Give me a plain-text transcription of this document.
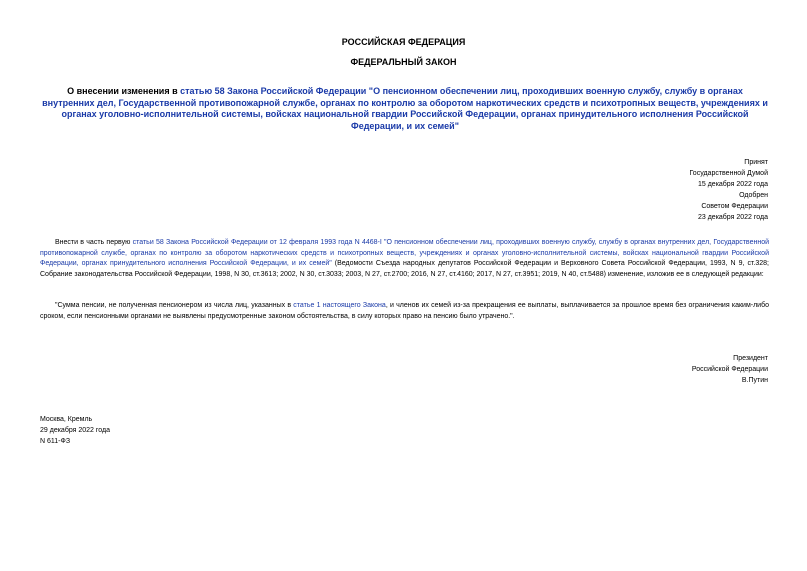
РОССИЙСКАЯ ФЕДЕРАЦИЯ
ФЕДЕРАЛЬНЫЙ ЗАКОН
О внесении изменения в статью 58 Закона Российской Федерации "О пенсионном обеспечении лиц, проходивших военную службу, службу в органах внутренних дел, Государственной противопожарной службе, органах по контролю за оборотом наркотических средств и психотропных веществ, учреждениях и органах уголовно-исполнительной системы, войсках национальной гвардии Российской Федерации, органах принудительного исполнения Российской Федерации, и их семей"
Принят
Государственной Думой
15 декабря 2022 года
Одобрен
Советом Федерации
23 декабря 2022 года
Внести в часть первую статьи 58 Закона Российской Федерации от 12 февраля 1993 года N 4468-I "О пенсионном обеспечении лиц, проходивших военную службу, службу в органах внутренних дел, Государственной противопожарной службе, органах по контролю за оборотом наркотических средств и психотропных веществ, учреждениях и органах уголовно-исполнительной системы, войсках национальной гвардии Российской Федерации, органах принудительного исполнения Российской Федерации, и их семей" (Ведомости Съезда народных депутатов Российской Федерации и Верховного Совета Российской Федерации, 1993, N 9, ст.328; Собрание законодательства Российской Федерации, 1998, N 30, ст.3613; 2002, N 30, ст.3033; 2003, N 27, ст.2700; 2016, N 27, ст.4160; 2017, N 27, ст.3951; 2019, N 40, ст.5488) изменение, изложив ее в следующей редакции:
"Сумма пенсии, не полученная пенсионером из числа лиц, указанных в статье 1 настоящего Закона, и членов их семей из-за прекращения ее выплаты, выплачивается за прошлое время без ограничения каким-либо сроком, если пенсионными органами не выявлены предусмотренные законом обстоятельства, в силу которых право на пенсию было утрачено.".
Президент
Российской Федерации
В.Путин
Москва, Кремль
29 декабря 2022 года
N 611-ФЗ
